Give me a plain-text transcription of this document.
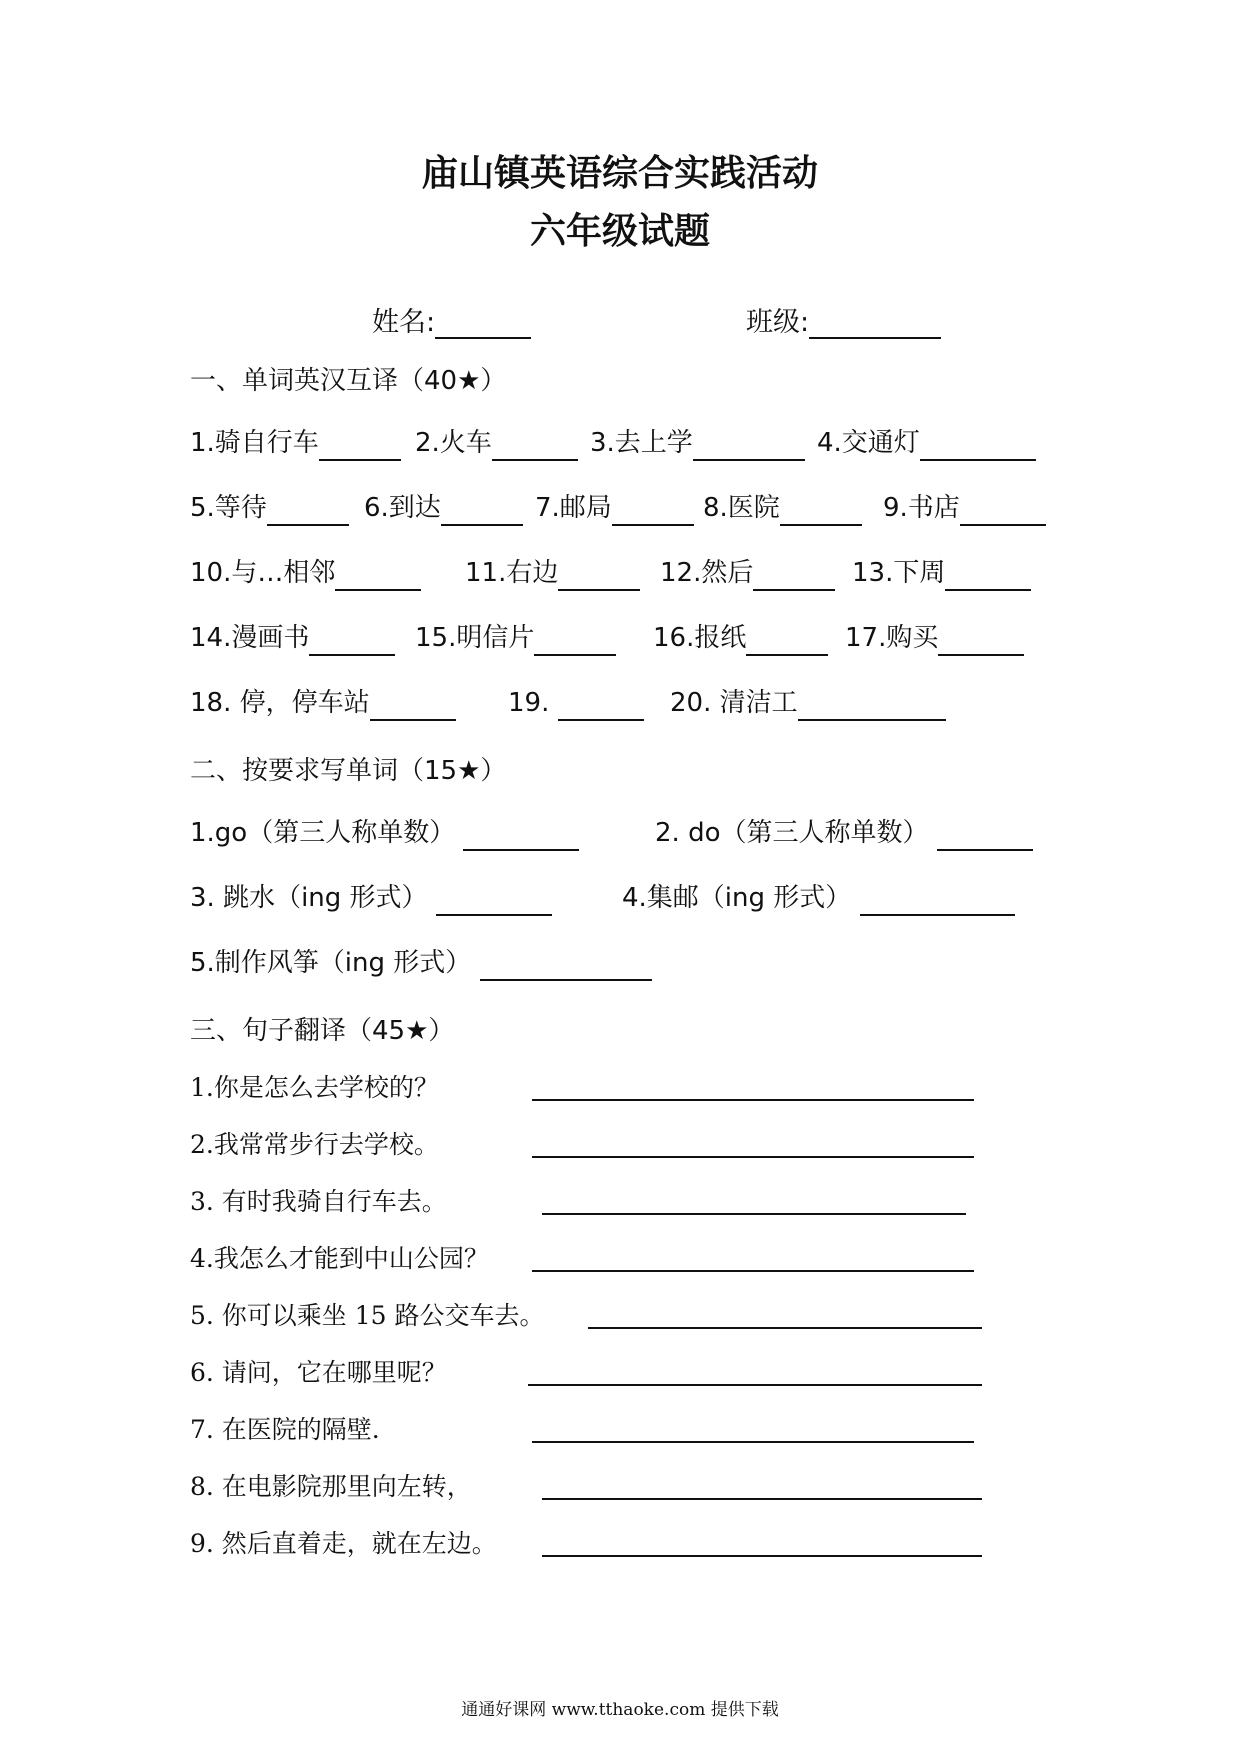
庙山镇英语综合实践活动
六年级试题
姓名:	班级:
一、单词英汉互译（40★）
1.骑自行车	2.火车	3.去上学	4.交通灯
5.等待	6.到达	7.邮局	8.医院	9.书店
10.与…相邻	11.右边	12.然后	13.下周
14.漫画书	15.明信片	16.报纸	17.购买
18. 停，停车站	19.	20. 清洁工
二、按要求写单词（15★）
1.go（第三人称单数）	2. do（第三人称单数）
3. 跳水（ing 形式）	4.集邮（ing 形式）
5.制作风筝（ing 形式）
三、句子翻译（45★）
1.你是怎么去学校的？
2.我常常步行去学校。
3. 有时我骑自行车去。
4.我怎么才能到中山公园？
5. 你可以乘坐 15 路公交车去。
6. 请问，它在哪里呢？
7. 在医院的隔壁.
8. 在电影院那里向左转，
9. 然后直着走，就在左边。
通通好课网 www.tthaoke.com 提供下载
